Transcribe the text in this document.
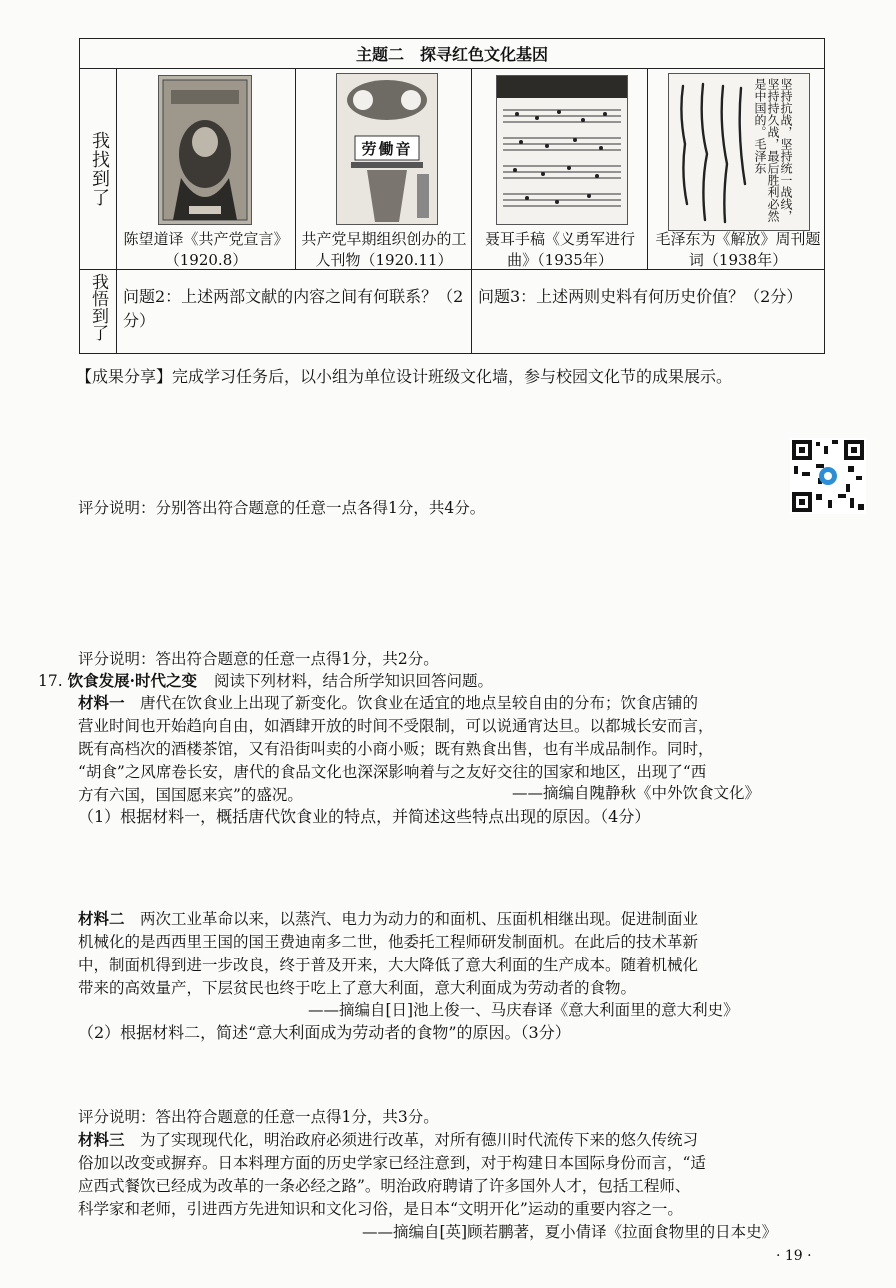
主题二　探寻红色文化基因
我找到了
我悟到了
陈望道译《共产党宣言》（1920.8）
劳働音
共产党早期组织创办的工人刊物（1920.11）
聂耳手稿《义勇军进行曲》（1935年）
坚持抗战，坚持统一战线，坚持持久战，最后胜利必然是中国的。毛泽东
毛泽东为《解放》周刊题词（1938年）
问题2：上述两部文献的内容之间有何联系？（2分）
问题3：上述两则史料有何历史价值？（2分）

【成果分享】完成学习任务后，以小组为单位设计班级文化墙，参与校园文化节的成果展示。

评分说明：分别答出符合题意的任意一点各得1分，共4分。

评分说明：答出符合题意的任意一点得1分，共2分。

17. 饮食发展·时代之变 阅读下列材料，结合所学知识回答问题。

材料一　 唐代在饮食业上出现了新变化。饮食业在适宜的地点呈较自由的分布；饮食店铺的

营业时间也开始趋向自由，如酒肆开放的时间不受限制，可以说通宵达旦。以都城长安而言，

既有高档次的酒楼茶馆，又有沿街叫卖的小商小贩；既有熟食出售，也有半成品制作。同时，

“胡食”之风席卷长安，唐代的食品文化也深深影响着与之友好交往的国家和地区，出现了“西

方有六国，国国愿来宾”的盛况。	——摘编自隗静秋《中外饮食文化》

（1）根据材料一，概括唐代饮食业的特点，并简述这些特点出现的原因。（4分）

材料二　 两次工业革命以来，以蒸汽、电力为动力的和面机、压面机相继出现。促进制面业

机械化的是西西里王国的国王费迪南多二世，他委托工程师研发制面机。在此后的技术革新

中，制面机得到进一步改良，终于普及开来，大大降低了意大利面的生产成本。随着机械化

带来的高效量产，下层贫民也终于吃上了意大利面，意大利面成为劳动者的食物。

——摘编自[日]池上俊一、马庆春译《意大利面里的意大利史》

（2）根据材料二，简述“意大利面成为劳动者的食物”的原因。（3分）

评分说明：答出符合题意的任意一点得1分，共3分。

材料三　 为了实现现代化，明治政府必须进行改革，对所有德川时代流传下来的悠久传统习

俗加以改变或摒弃。日本料理方面的历史学家已经注意到，对于构建日本国际身份而言，“适

应西式餐饮已经成为改革的一条必经之路”。明治政府聘请了许多国外人才，包括工程师、

科学家和老师，引进西方先进知识和文化习俗，是日本“文明开化”运动的重要内容之一。

——摘编自[英]顾若鹏著，夏小倩译《拉面食物里的日本史》

· 19 ·
